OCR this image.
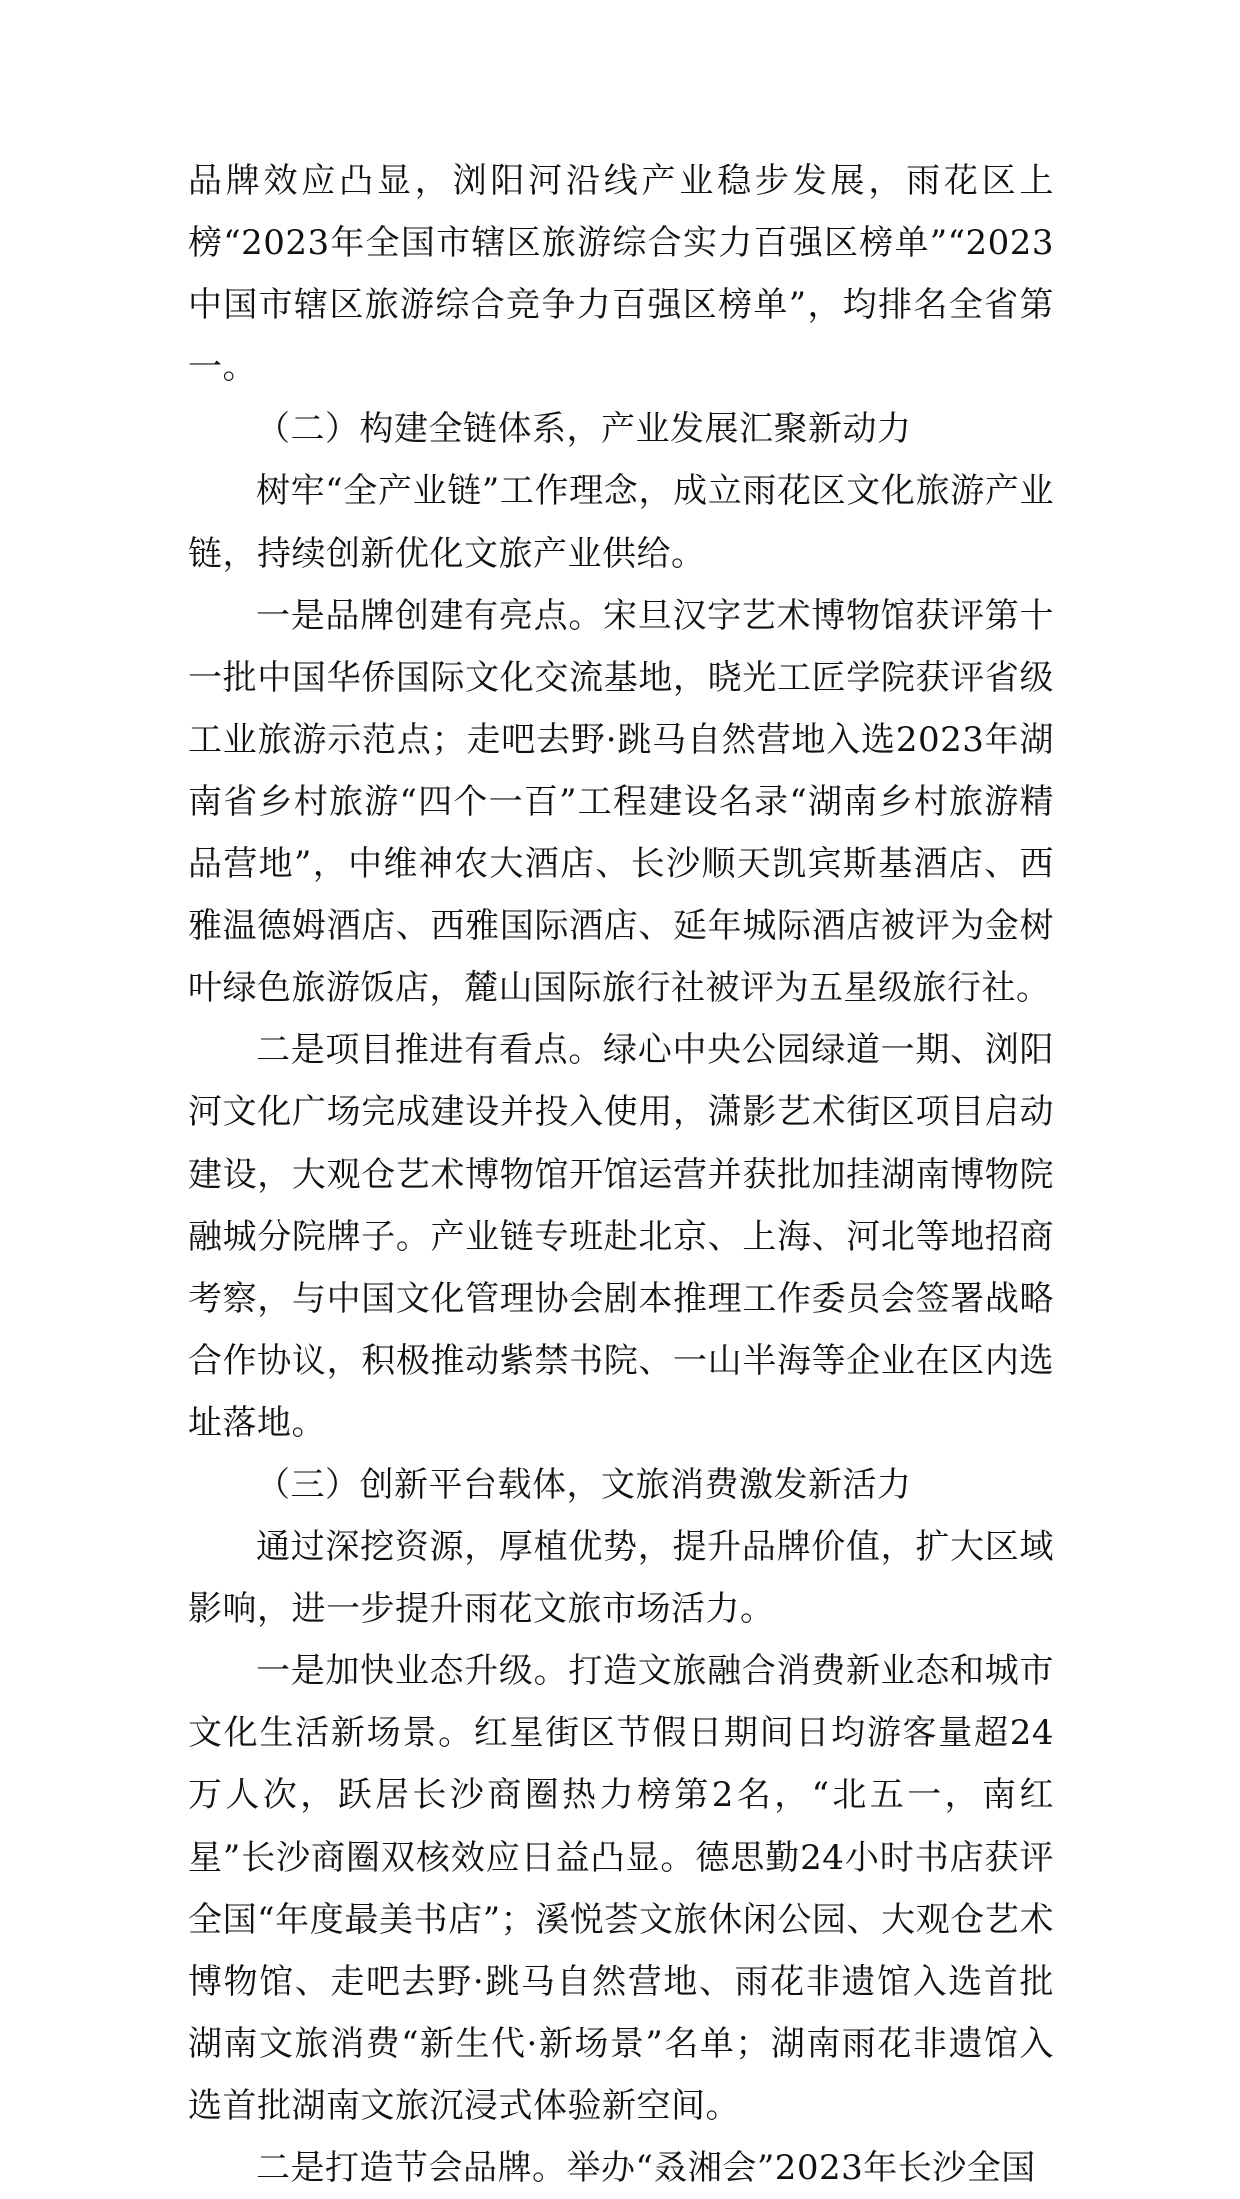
品牌效应凸显，浏阳河沿线产业稳步发展，雨花区上榜“2023年全国市辖区旅游综合实力百强区榜单”“2023中国市辖区旅游综合竞争力百强区榜单”，均排名全省第一。

（二）构建全链体系，产业发展汇聚新动力

树牢“全产业链”工作理念，成立雨花区文化旅游产业链，持续创新优化文旅产业供给。

一是品牌创建有亮点。宋旦汉字艺术博物馆获评第十一批中国华侨国际文化交流基地，晓光工匠学院获评省级工业旅游示范点；走吧去野·跳马自然营地入选2023年湖南省乡村旅游“四个一百”工程建设名录“湖南乡村旅游精品营地”，中维神农大酒店、长沙顺天凯宾斯基酒店、西雅温德姆酒店、西雅国际酒店、延年城际酒店被评为金树叶绿色旅游饭店，麓山国际旅行社被评为五星级旅行社。

二是项目推进有看点。绿心中央公园绿道一期、浏阳河文化广场完成建设并投入使用，潇影艺术街区项目启动建设，大观仓艺术博物馆开馆运营并获批加挂湖南博物院融城分院牌子。产业链专班赴北京、上海、河北等地招商考察，与中国文化管理协会剧本推理工作委员会签署战略合作协议，积极推动紫禁书院、一山半海等企业在区内选址落地。

（三）创新平台载体，文旅消费激发新活力

通过深挖资源，厚植优势，提升品牌价值，扩大区域影响，进一步提升雨花文旅市场活力。

一是加快业态升级。打造文旅融合消费新业态和城市文化生活新场景。红星街区节假日期间日均游客量超24万人次，跃居长沙商圈热力榜第2名，“北五一，南红星”长沙商圈双核效应日益凸显。德思勤24小时书店获评全国“年度最美书店”；溪悦荟文旅休闲公园、大观仓艺术博物馆、走吧去野·跳马自然营地、雨花非遗馆入选首批湖南文旅消费“新生代·新场景”名单；湖南雨花非遗馆入选首批湖南文旅沉浸式体验新空间。

二是打造节会品牌。举办“叒湘会”2023年长沙全国
